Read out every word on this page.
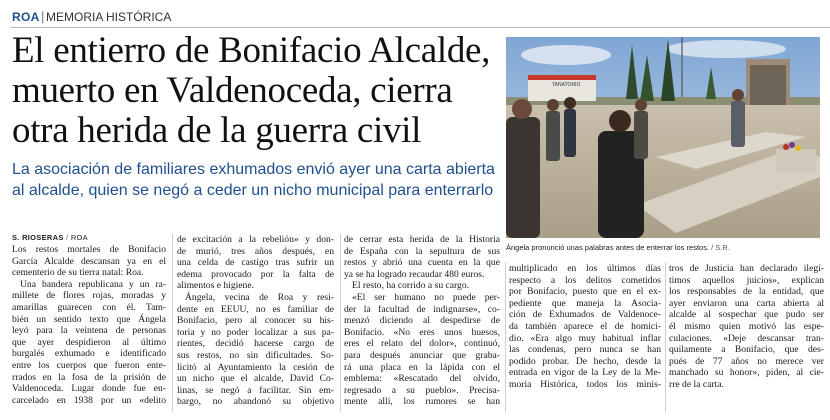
ROA | MEMORIA HISTÓRICA
El entierro de Bonifacio Alcalde,
muerto en Valdenoceda, cierra
otra herida de la guerra civil
La asociación de familiares exhumados envió ayer una carta abierta
al alcalde, quien se negó a ceder un nicho municipal para enterrarlo
TANATORIO
Ángela pronunció unas palabras antes de enterrar los restos. / S.R.
S. RIOSERAS / ROA
Los restos mortales de Bonifacio
García Alcalde descansan ya en el
cementerio de su tierra natal: Roa.
Una bandera republicana y un ra-
millete de flores rojas, moradas y
amarillas guarecen con él. Tam-
bién un sentido texto que Ángela
leyó para la veintena de personas
que ayer despidieron al último
burgalés exhumado e identificado
entre los cuerpos que fueron ente-
rrados en la fosa de la prisión de
Valdenoceda. Lugar donde fue en-
carcelado en 1938 por un «delito
de excitación a la rebelión» y don-
de murió, tres años después, en
una celda de castigo tras sufrir un
edema provocado por la falta de
alimentos e higiene.
Ángela, vecina de Roa y resi-
dente en EEUU, no es familiar de
Bonifacio, pero al conocer su his-
toria y no poder localizar a sus pa-
rientes, decidió hacerse cargo de
sus restos, no sin dificultades. So-
licitó al Ayuntamiento la cesión de
un nicho que el alcalde, David Co-
linas, se negó a facilitar. Sin em-
bargo, no abandonó su objetivo
de cerrar esta herida de la Historia
de España con la sepultura de sus
restos y abrió una cuenta en la que
ya se ha logrado recaudar 480 euros.
El resto, ha corrido a su cargo.
«El ser humano no puede per-
der la facultad de indignarse», co-
menzó diciendo al despedirse de
Bonifacio. «No eres unos huesos,
eres el relato del dolor», continuó,
para después anunciar que graba-
rá una placa en la lápida con el
emblema: «Rescatado del olvido,
regresado a su pueblo». Precisa-
mente allí, los rumores se han
multiplicado en los últimos días
respecto a los delitos cometidos
por Bonifacio, puesto que en el ex-
pediente que maneja la Asocia-
ción de Exhumados de Valdenoce-
da también aparece el de homici-
dio. «Era algo muy habitual inflar
las condenas, pero nunca se han
podido probar. De hecho, desde la
entrada en vigor de la Ley de la Me-
moria Histórica, todos los minis-
tros de Justicia han declarado ilegí-
timos aquellos juicios», explican
los responsables de la entidad, que
ayer enviaron una carta abierta al
alcalde al sospechar que pudo ser
él mismo quien motivó las espe-
culaciones. «Deje descansar tran-
quilamente a Bonifacio, que des-
pués de 77 años no merece ver
manchado su honor», piden, al cie-
rre de la carta.
